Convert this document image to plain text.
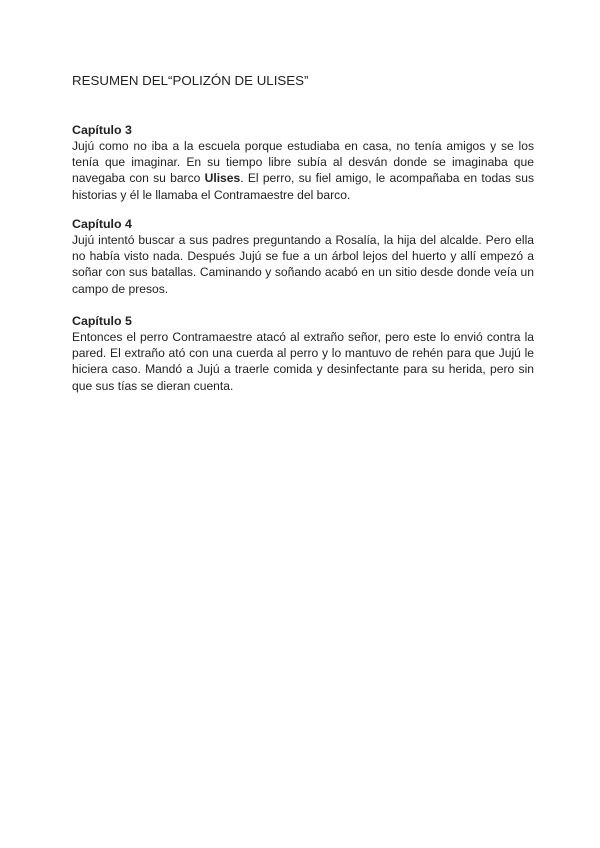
RESUMEN DEL“POLIZÓN DE ULISES”
Capítulo 3

Jujú como no iba a la escuela porque estudiaba en casa, no tenía amigos y se los tenía que imaginar. En su tiempo libre subía al desván donde se imaginaba que navegaba con su barco Ulises. El perro, su fiel amigo, le acompañaba en todas sus historias y él le llamaba el Contramaestre del barco.

Capítulo 4

Jujú intentó buscar a sus padres preguntando a Rosalía, la hija del alcalde. Pero ella no había visto nada. Después Jujú se fue a un árbol lejos del huerto y allí empezó a soñar con sus batallas. Caminando y soñando acabó en un sitio desde donde veía un campo de presos.

Capítulo 5

Entonces el perro Contramaestre atacó al extraño señor, pero este lo envió contra la pared. El extraño ató con una cuerda al perro y lo mantuvo de rehén para que Jujú le hiciera caso. Mandó a Jujú a traerle comida y desinfectante para su herida, pero sin que sus tías se dieran cuenta.
